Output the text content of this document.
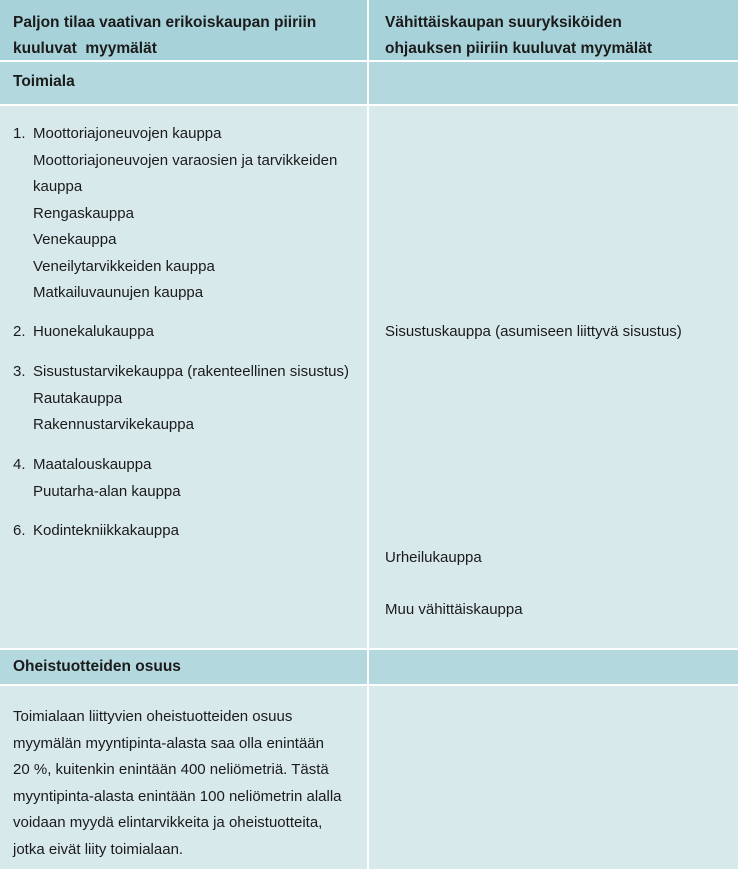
Paljon tilaa vaativan erikoiskaupan piiriin
kuuluvat  myymälät
Vähittäiskaupan suuryksiköiden
ohjauksen piiriin kuuluvat myymälät
Toimiala
1. Moottoriajoneuvojen kauppa
Moottoriajoneuvojen varaosien ja tarvikkeiden
kauppa
Rengaskauppa
Venekauppa
Veneilytarvikkeiden kauppa
Matkailuvaunujen kauppa
2. Huonekalukauppa
3. Sisustustarvikekauppa (rakenteellinen sisustus)
Rautakauppa
Rakennustarvikekauppa
4. Maatalouskauppa
Puutarha-alan kauppa
6. Kodintekniikkakauppa
Sisustuskauppa (asumiseen liittyvä sisustus)
Urheilukauppa
Muu vähittäiskauppa
Oheistuotteiden osuus
Toimialaan liittyvien oheistuotteiden osuus
myymälän myyntipinta-alasta saa olla enintään
20 %, kuitenkin enintään 400 neliömetriä. Tästä
myyntipinta-alasta enintään 100 neliömetrin alalla
voidaan myydä elintarvikkeita ja oheistuotteita,
jotka eivät liity toimialaan.
